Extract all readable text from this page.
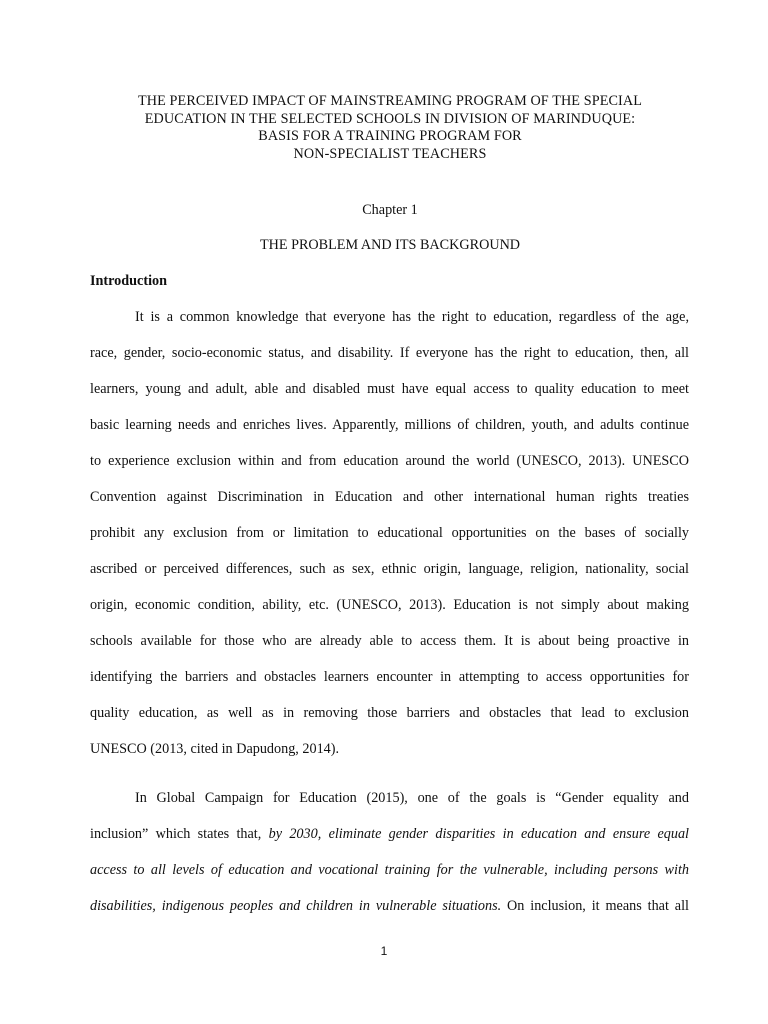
THE PERCEIVED IMPACT OF MAINSTREAMING PROGRAM OF THE SPECIAL
EDUCATION IN THE SELECTED SCHOOLS IN DIVISION OF MARINDUQUE:
BASIS FOR A TRAINING PROGRAM FOR
NON-SPECIALIST TEACHERS
Chapter 1
THE PROBLEM AND ITS BACKGROUND
Introduction
It is a common knowledge that everyone has the right to education, regardless of the age,
race, gender, socio-economic status, and disability. If everyone has the right to education, then, all
learners, young and adult, able and disabled must have equal access to quality education to meet
basic learning needs and enriches lives. Apparently, millions of children, youth, and adults continue
to experience exclusion within and from education around the world (UNESCO, 2013). UNESCO
Convention against Discrimination in Education and other international human rights treaties
prohibit any exclusion from or limitation to educational opportunities on the bases of socially
ascribed or perceived differences, such as sex, ethnic origin, language, religion, nationality, social
origin, economic condition, ability, etc. (UNESCO, 2013). Education is not simply about making
schools available for those who are already able to access them. It is about being proactive in
identifying the barriers and obstacles learners encounter in attempting to access opportunities for
quality education, as well as in removing those barriers and obstacles that lead to exclusion
UNESCO (2013, cited in Dapudong, 2014).
In Global Campaign for Education (2015), one of the goals is “Gender equality and
inclusion” which states that, by 2030, eliminate gender disparities in education and ensure equal
access to all levels of education and vocational training for the vulnerable, including persons with
disabilities, indigenous peoples and children in vulnerable situations. On inclusion, it means that all
1
